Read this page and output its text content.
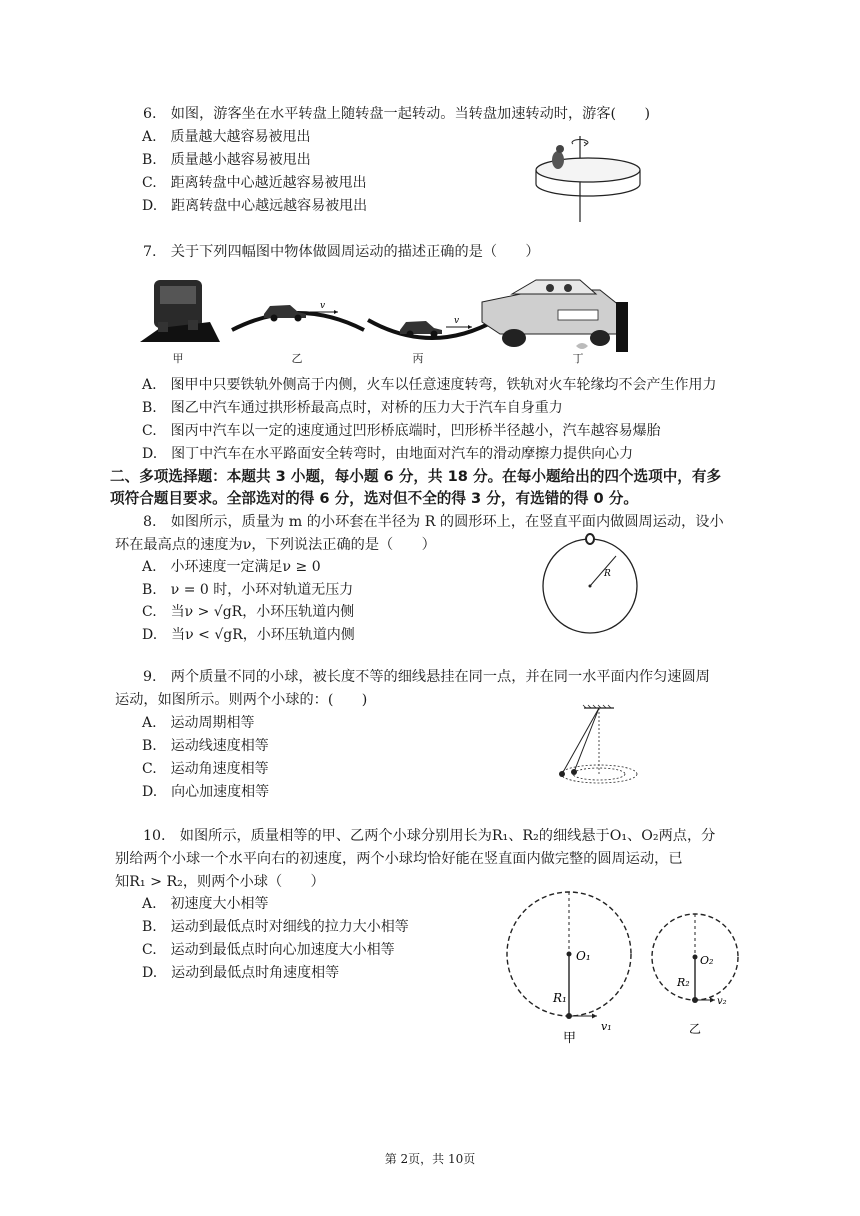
6.　如图，游客坐在水平转盘上随转盘一起转动。当转盘加速转动时，游客(　　)
A.　质量越大越容易被甩出
B.　质量越小越容易被甩出
C.　距离转盘中心越近越容易被甩出
D.　距离转盘中心越远越容易被甩出
7.　关于下列四幅图中物体做圆周运动的描述正确的是（　　）
v
v
甲	乙	丙	丁
A.　图甲中只要铁轨外侧高于内侧，火车以任意速度转弯，铁轨对火车轮缘均不会产生作用力
B.　图乙中汽车通过拱形桥最高点时，对桥的压力大于汽车自身重力
C.　图丙中汽车以一定的速度通过凹形桥底端时，凹形桥半径越小，汽车越容易爆胎
D.　图丁中汽车在水平路面安全转弯时，由地面对汽车的滑动摩擦力提供向心力
二、多项选择题：本题共 3 小题，每小题 6 分，共 18 分。在每小题给出的四个选项中，有多
项符合题目要求。全部选对的得 6 分，选对但不全的得 3 分，有选错的得 0 分。
8.　如图所示，质量为 m 的小环套在半径为 R 的圆形环上，在竖直平面内做圆周运动，设小
环在最高点的速度为ν，下列说法正确的是（　　）
A.　小环速度一定满足ν ≥ 0
B.　ν = 0 时，小环对轨道无压力
C.　当ν > √gR，小环压轨道内侧
D.　当ν < √gR，小环压轨道内侧
R
9.　两个质量不同的小球，被长度不等的细线悬挂在同一点，并在同一水平面内作匀速圆周
运动，如图所示。则两个小球的：(　　)
A.　运动周期相等
B.　运动线速度相等
C.　运动角速度相等
D.　向心加速度相等
10.　如图所示，质量相等的甲、乙两个小球分别用长为R₁、R₂的细线悬于O₁、O₂两点，分
别给两个小球一个水平向右的初速度，两个小球均恰好能在竖直面内做完整的圆周运动，已
知R₁ > R₂，则两个小球（　　）
A.　初速度大小相等
B.　运动到最低点时对细线的拉力大小相等
C.　运动到最低点时向心加速度大小相等
D.　运动到最低点时角速度相等
O₁
R₁
v₁
甲
O₂
R₂
v₂
乙
第 2页，共 10页
